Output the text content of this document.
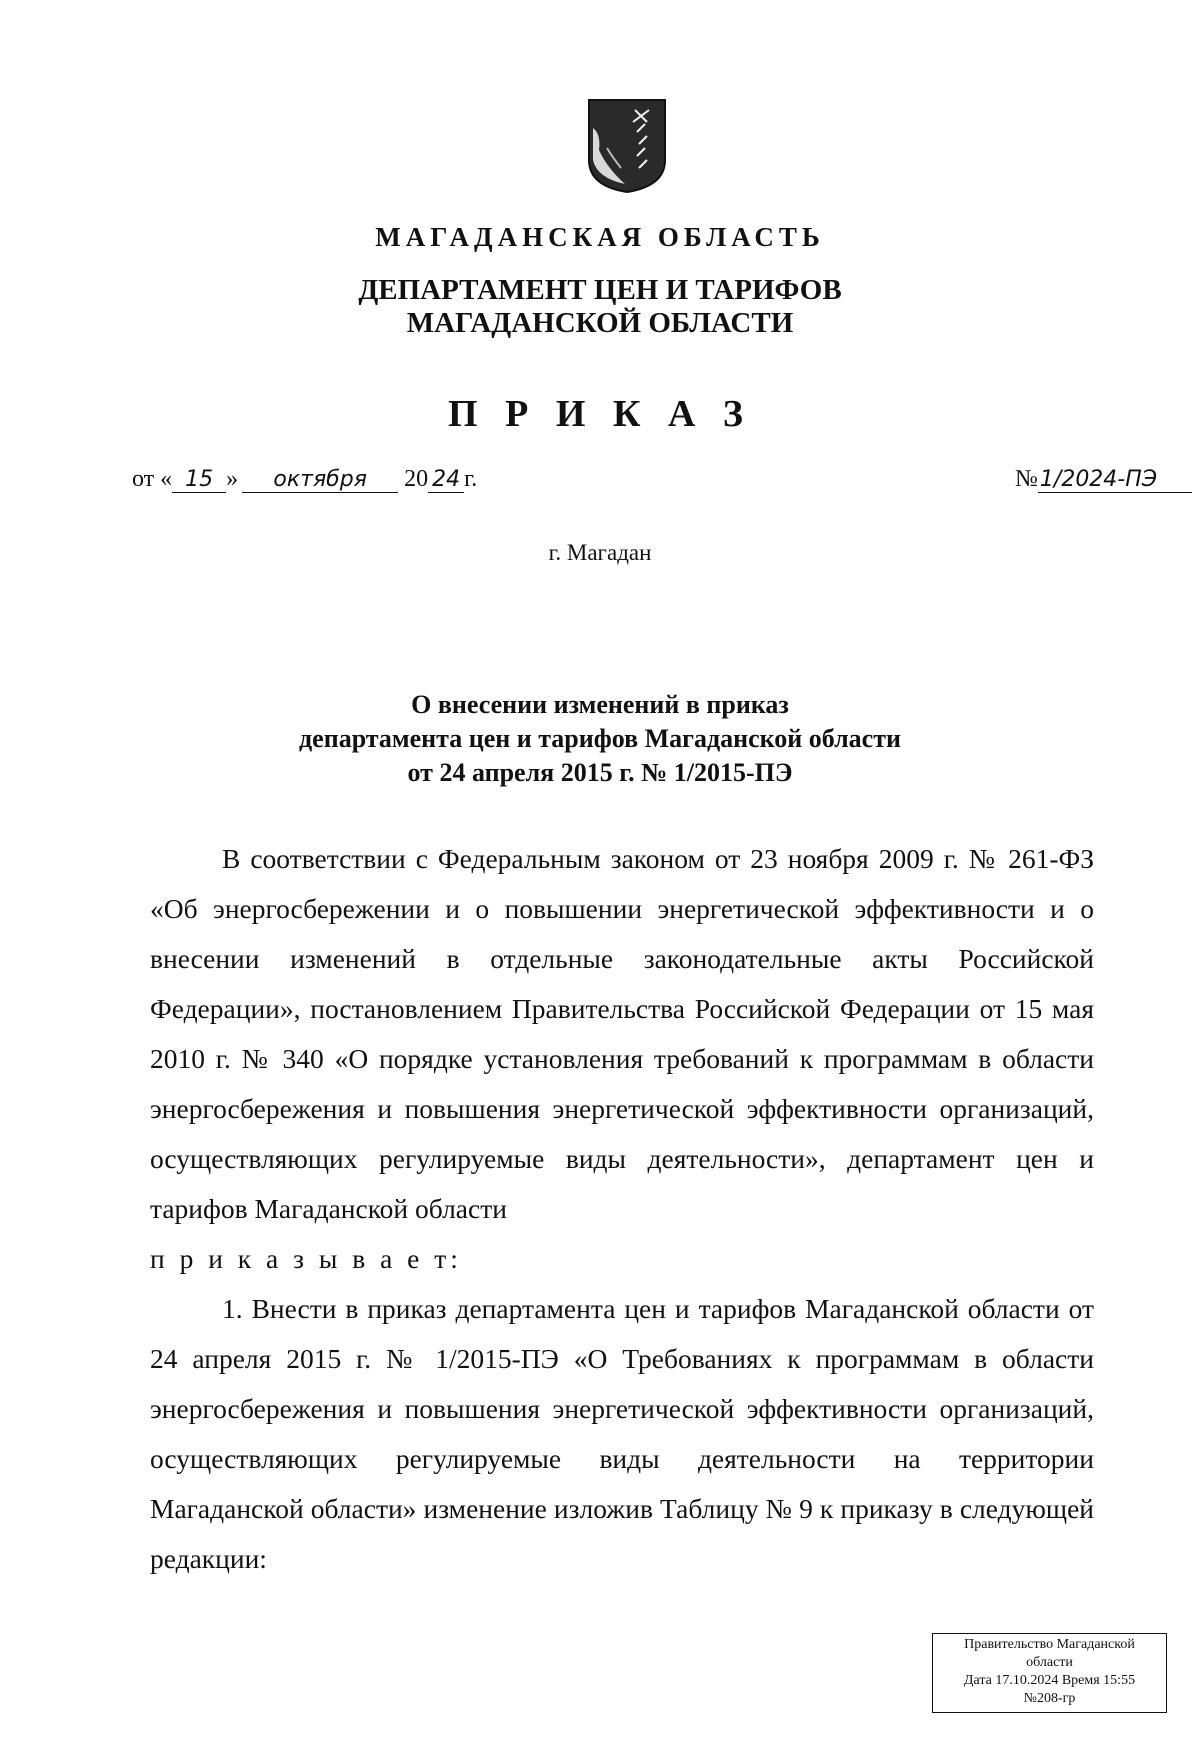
МАГАДАНСКАЯ ОБЛАСТЬ
ДЕПАРТАМЕНТ ЦЕН И ТАРИФОВ
МАГАДАНСКОЙ ОБЛАСТИ
П Р И К А З
от « 15 »	октября	20 24 г.	№ 1/2024-ПЭ
г. Магадан
О внесении изменений в приказ
департамента цен и тарифов Магаданской области
от 24 апреля 2015 г. № 1/2015-ПЭ

В соответствии с Федеральным законом от 23 ноября 2009 г. № 261-ФЗ «Об энергосбережении и о повышении энергетической эффективности и о внесении изменений в отдельные законодательные акты Российской Федерации», постановлением Правительства Российской Федерации от 15 мая 2010 г. № 340 «О порядке установления требований к программам в области энергосбережения и повышения энергетической эффективности организаций, осуществляющих регулируемые виды деятельности», департамент цен и тарифов Магаданской области

п р и к а з ы в а е т:

1. Внести в приказ департамента цен и тарифов Магаданской области от 24 апреля 2015 г. № 1/2015-ПЭ «О Требованиях к программам в области энергосбережения и повышения энергетической эффективности организаций, осуществляющих регулируемые виды деятельности на территории Магаданской области» изменение изложив Таблицу № 9 к приказу в следующей редакции:

Правительство Магаданской
области
Дата 17.10.2024 Время 15:55
№208-гр
